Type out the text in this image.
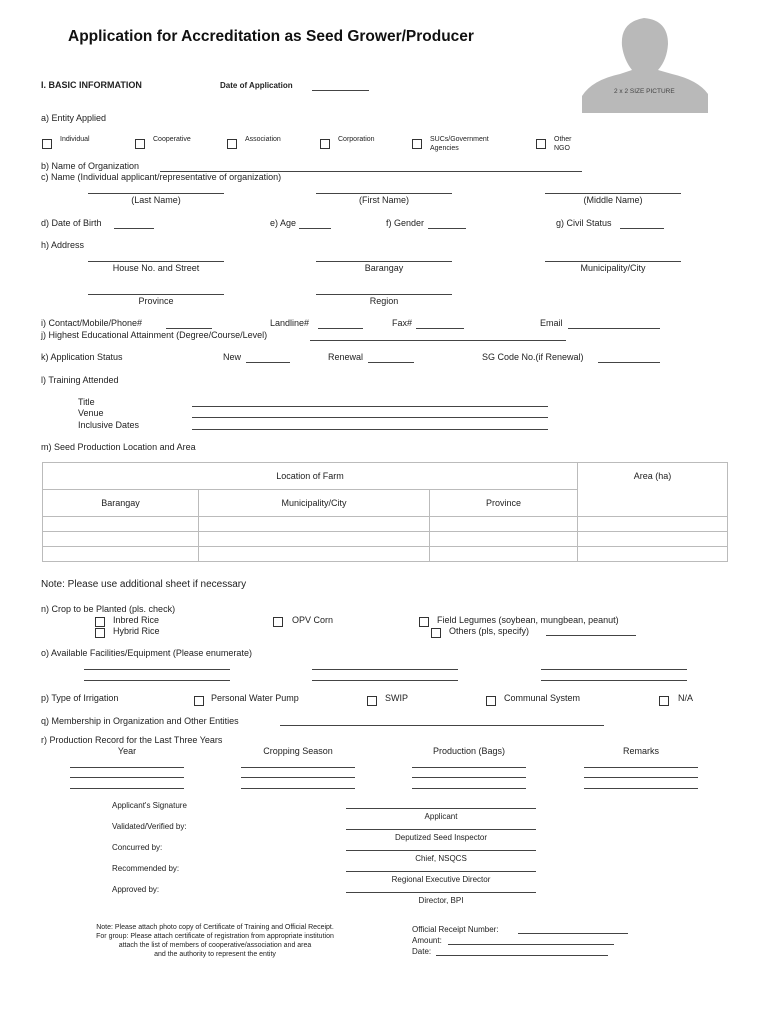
Application for Accreditation as Seed Grower/Producer
2 x 2 SIZE PICTURE
I. BASIC INFORMATION	Date of Application
a) Entity Applied
Individual	Cooperative	Association	Corporation	SUCs/Government
Agencies
Other
NGO
b) Name of Organization
c) Name (Individual applicant/representative of organization)
(Last Name)	(First Name)	(Middle Name)
d) Date of Birth	e) Age	f) Gender	g) Civil Status
h) Address
House No. and Street	Barangay	Municipality/City
Province	Region
i) Contact/Mobile/Phone#	Landline#	Fax#	Email
j) Highest Educational Attainment (Degree/Course/Level)
k) Application Status	New	Renewal	SG Code No.(if Renewal)
l) Training Attended
Title
Venue
Inclusive Dates
m) Seed Production Location and Area
Location of Farm			Area (ha)
Barangay	Municipality/City	Province	

Note: Please use additional sheet if necessary
n) Crop to be Planted (pls. check)
Inbred Rice
Hybrid Rice
OPV Corn	Field Legumes (soybean, mungbean, peanut)
Others (pls, specify)
o) Available Facilities/Equipment (Please enumerate)
p) Type of Irrigation	Personal Water Pump	SWIP	Communal System	N/A
q) Membership in Organization and Other Entities
r) Production Record for the Last Three Years
Year	Cropping Season	Production (Bags)	Remarks
Applicant's Signature
Applicant
Validated/Verified by:
Deputized Seed Inspector
Concurred by:
Chief, NSQCS
Recommended by:
Regional Executive Director
Approved by:
Director, BPI
Note: Please attach photo copy of Certificate of Training and Official Receipt.
For group: Please attach certificate of registration from appropriate institution
attach the list of members of cooperative/association and area
and the authority to represent the entity
Official Receipt Number:
Amount:
Date:
